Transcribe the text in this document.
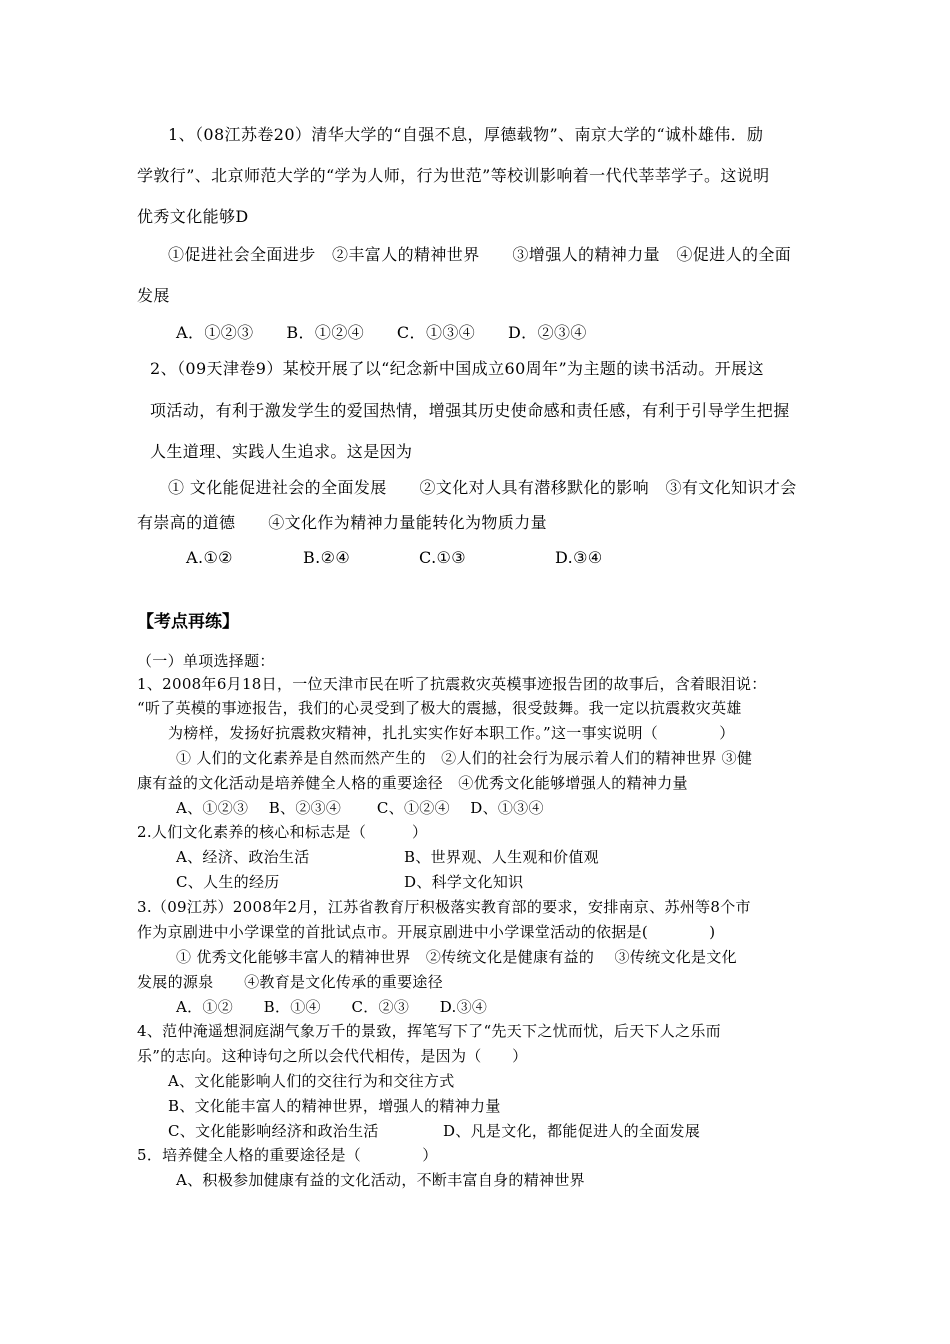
1、（08江苏卷20）清华大学的“自强不息，厚德载物”、南京大学的“诚朴雄伟．励
学敦行”、北京师范大学的“学为人师，行为世范”等校训影响着一代代莘莘学子。这说明
优秀文化能够D
①促进社会全面进步　②丰富人的精神世界　　③增强人的精神力量　④促进人的全面
发展
A．①②③　　B．①②④　　C．①③④　　D．②③④
2、（09天津卷9）某校开展了以“纪念新中国成立60周年”为主题的读书活动。开展这
项活动，有利于激发学生的爱国热情，增强其历史使命感和责任感，有利于引导学生把握
人生道理、实践人生追求。这是因为
① 文化能促进社会的全面发展　　②文化对人具有潜移默化的影响　③有文化知识才会
有崇高的道德　　④文化作为精神力量能转化为物质力量
A.①②	B.②④	C.①③	D.③④
【考点再练】
（一）单项选择题：
1、2008年6月18日，一位天津市民在听了抗震救灾英模事迹报告团的故事后，含着眼泪说：
“听了英模的事迹报告，我们的心灵受到了极大的震撼，很受鼓舞。我一定以抗震救灾英雄
为榜样，发扬好抗震救灾精神，扎扎实实作好本职工作。”这一事实说明（　　　　）
① 人们的文化素养是自然而然产生的　②人们的社会行为展示着人们的精神世界 ③健
康有益的文化活动是培养健全人格的重要途径　④优秀文化能够增强人的精神力量
A、①②③　 B、②③④　　 C、①②④　 D、①③④
2.人们文化素养的核心和标志是（　　　）
A、经济、政治生活	B、世界观、人生观和价值观
C、人生的经历	D、科学文化知识
3.（09江苏）2008年2月，江苏省教育厅积极落实教育部的要求，安排南京、苏州等8个市
作为京剧进中小学课堂的首批试点市。开展京剧进中小学课堂活动的依据是(　　　　)
① 优秀文化能够丰富人的精神世界　②传统文化是健康有益的　 ③传统文化是文化
发展的源泉　　④教育是文化传承的重要途径
A．①②　　B．①④　　C．②③　　D.③④
4、范仲淹遥想洞庭湖气象万千的景致，挥笔写下了“先天下之忧而忧，后天下人之乐而
乐”的志向。这种诗句之所以会代代相传，是因为（　　）
A、文化能影响人们的交往行为和交往方式
B、文化能丰富人的精神世界，增强人的精神力量
C、文化能影响经济和政治生活	D、凡是文化，都能促进人的全面发展
5．培养健全人格的重要途径是（　　　　）
A、积极参加健康有益的文化活动，不断丰富自身的精神世界
